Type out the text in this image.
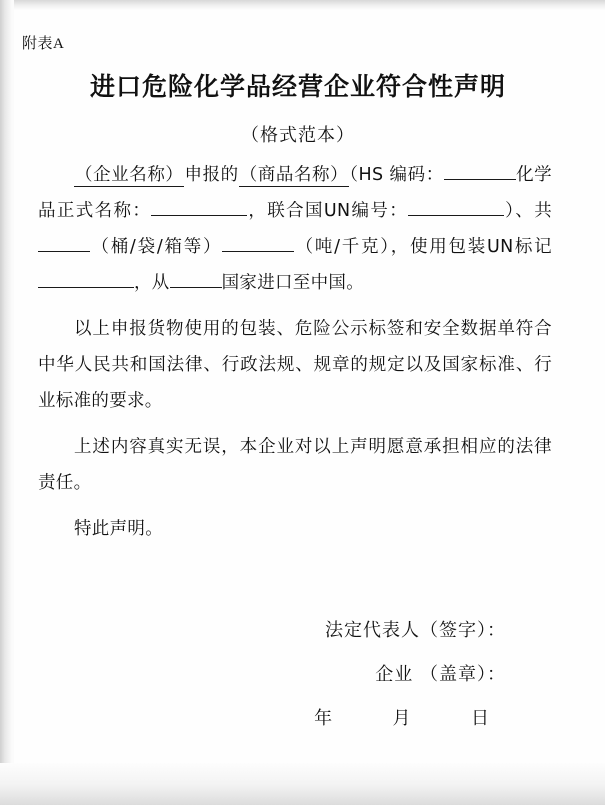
附表A
进口危险化学品经营企业符合性声明
（格式范本）

（企业名称）申报的（商品名称）（HS 编码：	化学品正式名称：	，联合国UN编号：	）、共（桶/袋/箱等）	（吨/千克），使用包装UN标记，从	国家进口至中国。

以上申报货物使用的包装、危险公示标签和安全数据单符合中华人民共和国法律、行政法规、规章的规定以及国家标准、行业标准的要求。

上述内容真实无误，本企业对以上声明愿意承担相应的法律责任。

特此声明。

法定代表人（签字）：
企业 （盖章）：
年	月	日
